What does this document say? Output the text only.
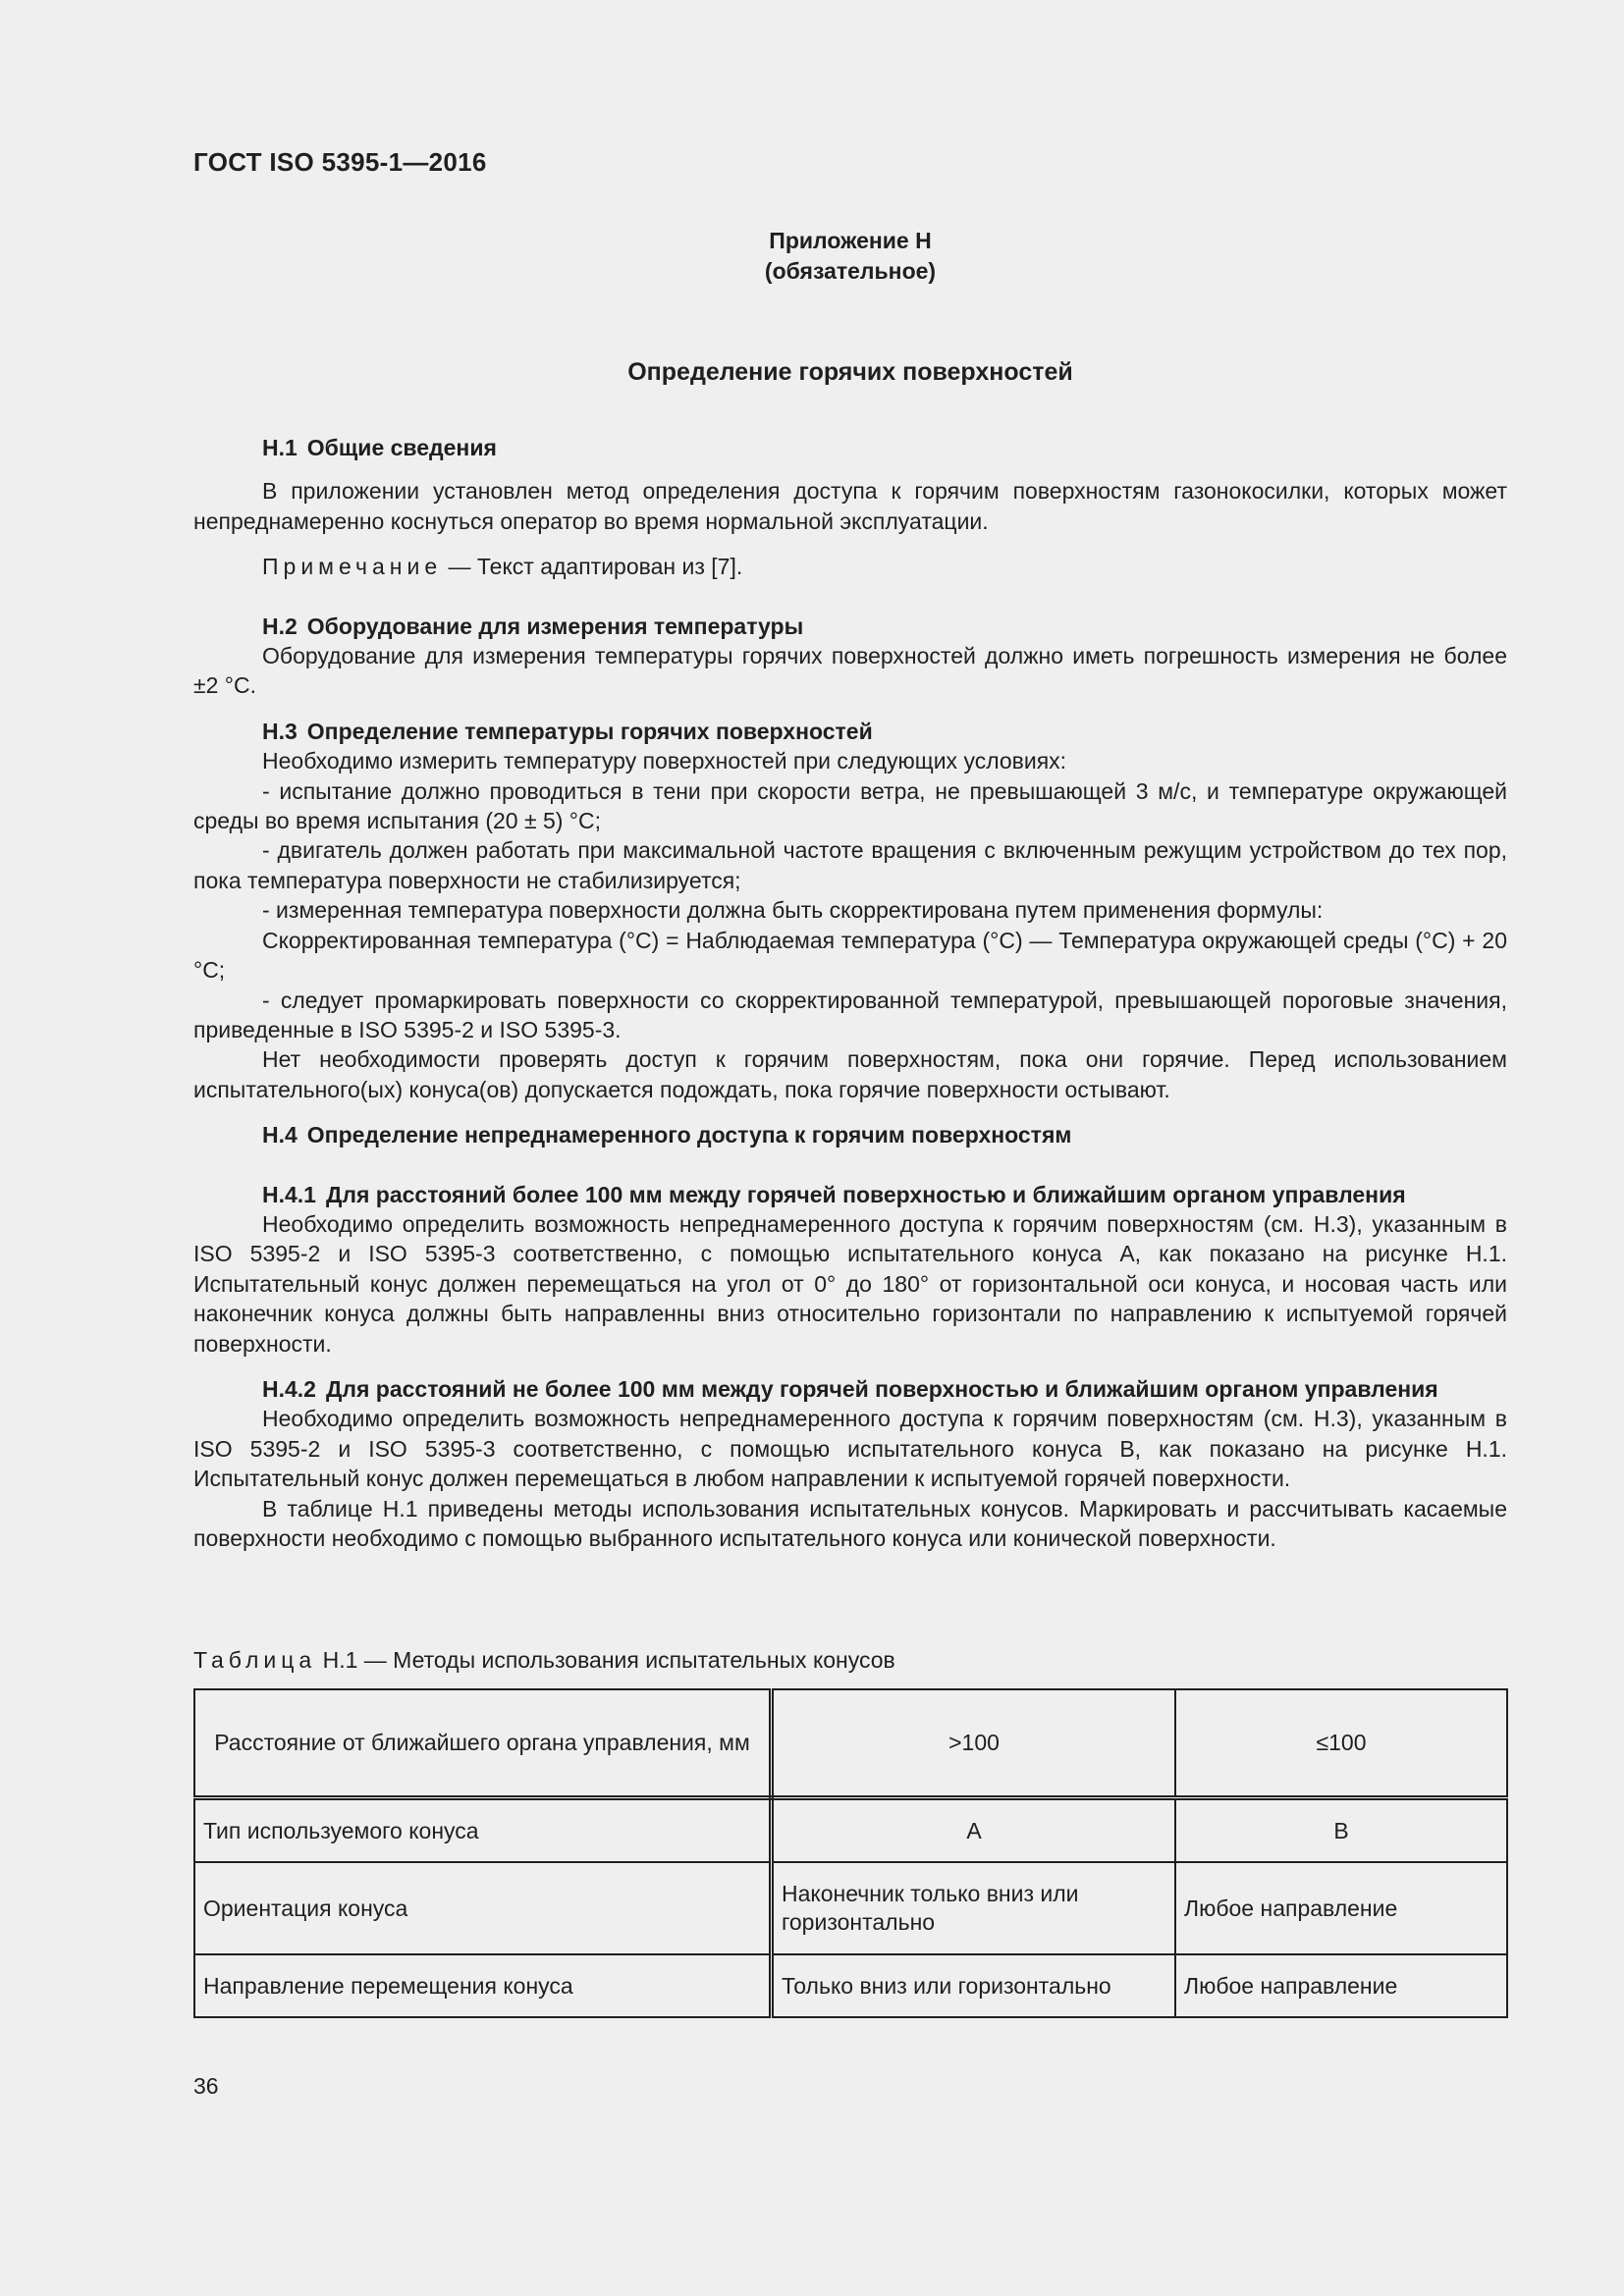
ГОСТ ISO 5395-1—2016
Приложение Н
(обязательное)
Определение горячих поверхностей
Н.1 Общие сведения

В приложении установлен метод определения доступа к горячим поверхностям газонокосилки, которых может непреднамеренно коснуться оператор во время нормальной эксплуатации.

Примечание — Текст адаптирован из [7].

Н.2 Оборудование для измерения температуры

Оборудование для измерения температуры горячих поверхностей должно иметь погрешность измерения не более ±2 °С.

Н.3 Определение температуры горячих поверхностей

Необходимо измерить температуру поверхностей при следующих условиях:

- испытание должно проводиться в тени при скорости ветра, не превышающей 3 м/с, и температуре окружающей среды во время испытания (20 ± 5) °С;

- двигатель должен работать при максимальной частоте вращения с включенным режущим устройством до тех пор, пока температура поверхности не стабилизируется;

- измеренная температура поверхности должна быть скорректирована путем применения формулы:

Скорректированная температура (°С) = Наблюдаемая температура (°С) — Температура окружающей среды (°С) + 20 °С;

- следует промаркировать поверхности со скорректированной температурой, превышающей пороговые значения, приведенные в ISO 5395-2 и ISO 5395-3.

Нет необходимости проверять доступ к горячим поверхностям, пока они горячие. Перед использованием испытательного(ых) конуса(ов) допускается подождать, пока горячие поверхности остывают.

Н.4 Определение непреднамеренного доступа к горячим поверхностям
Н.4.1 Для расстояний более 100 мм между горячей поверхностью и ближайшим органом управления

Необходимо определить возможность непреднамеренного доступа к горячим поверхностям (см. Н.3), указанным в ISO 5395-2 и ISO 5395-3 соответственно, с помощью испытательного конуса А, как показано на рисунке Н.1. Испытательный конус должен перемещаться на угол от 0° до 180° от горизонтальной оси конуса, и носовая часть или наконечник конуса должны быть направленны вниз относительно горизонтали по направлению к испытуемой горячей поверхности.

Н.4.2 Для расстояний не более 100 мм между горячей поверхностью и ближайшим органом управления

Необходимо определить возможность непреднамеренного доступа к горячим поверхностям (см. Н.3), указанным в ISO 5395-2 и ISO 5395-3 соответственно, с помощью испытательного конуса В, как показано на рисунке Н.1. Испытательный конус должен перемещаться в любом направлении к испытуемой горячей поверхности.

В таблице Н.1 приведены методы использования испытательных конусов. Маркировать и рассчитывать касаемые поверхности необходимо с помощью выбранного испытательного конуса или конической поверхности.

Таблица Н.1 — Методы использования испытательных конусов
Расстояние от ближайшего органа управления, мм	>100	≤100
Тип используемого конуса	А	В
Ориентация конуса	Наконечник только вниз или горизонтально	Любое направление
Направление перемещения конуса	Только вниз или горизонтально	Любое направление
36
